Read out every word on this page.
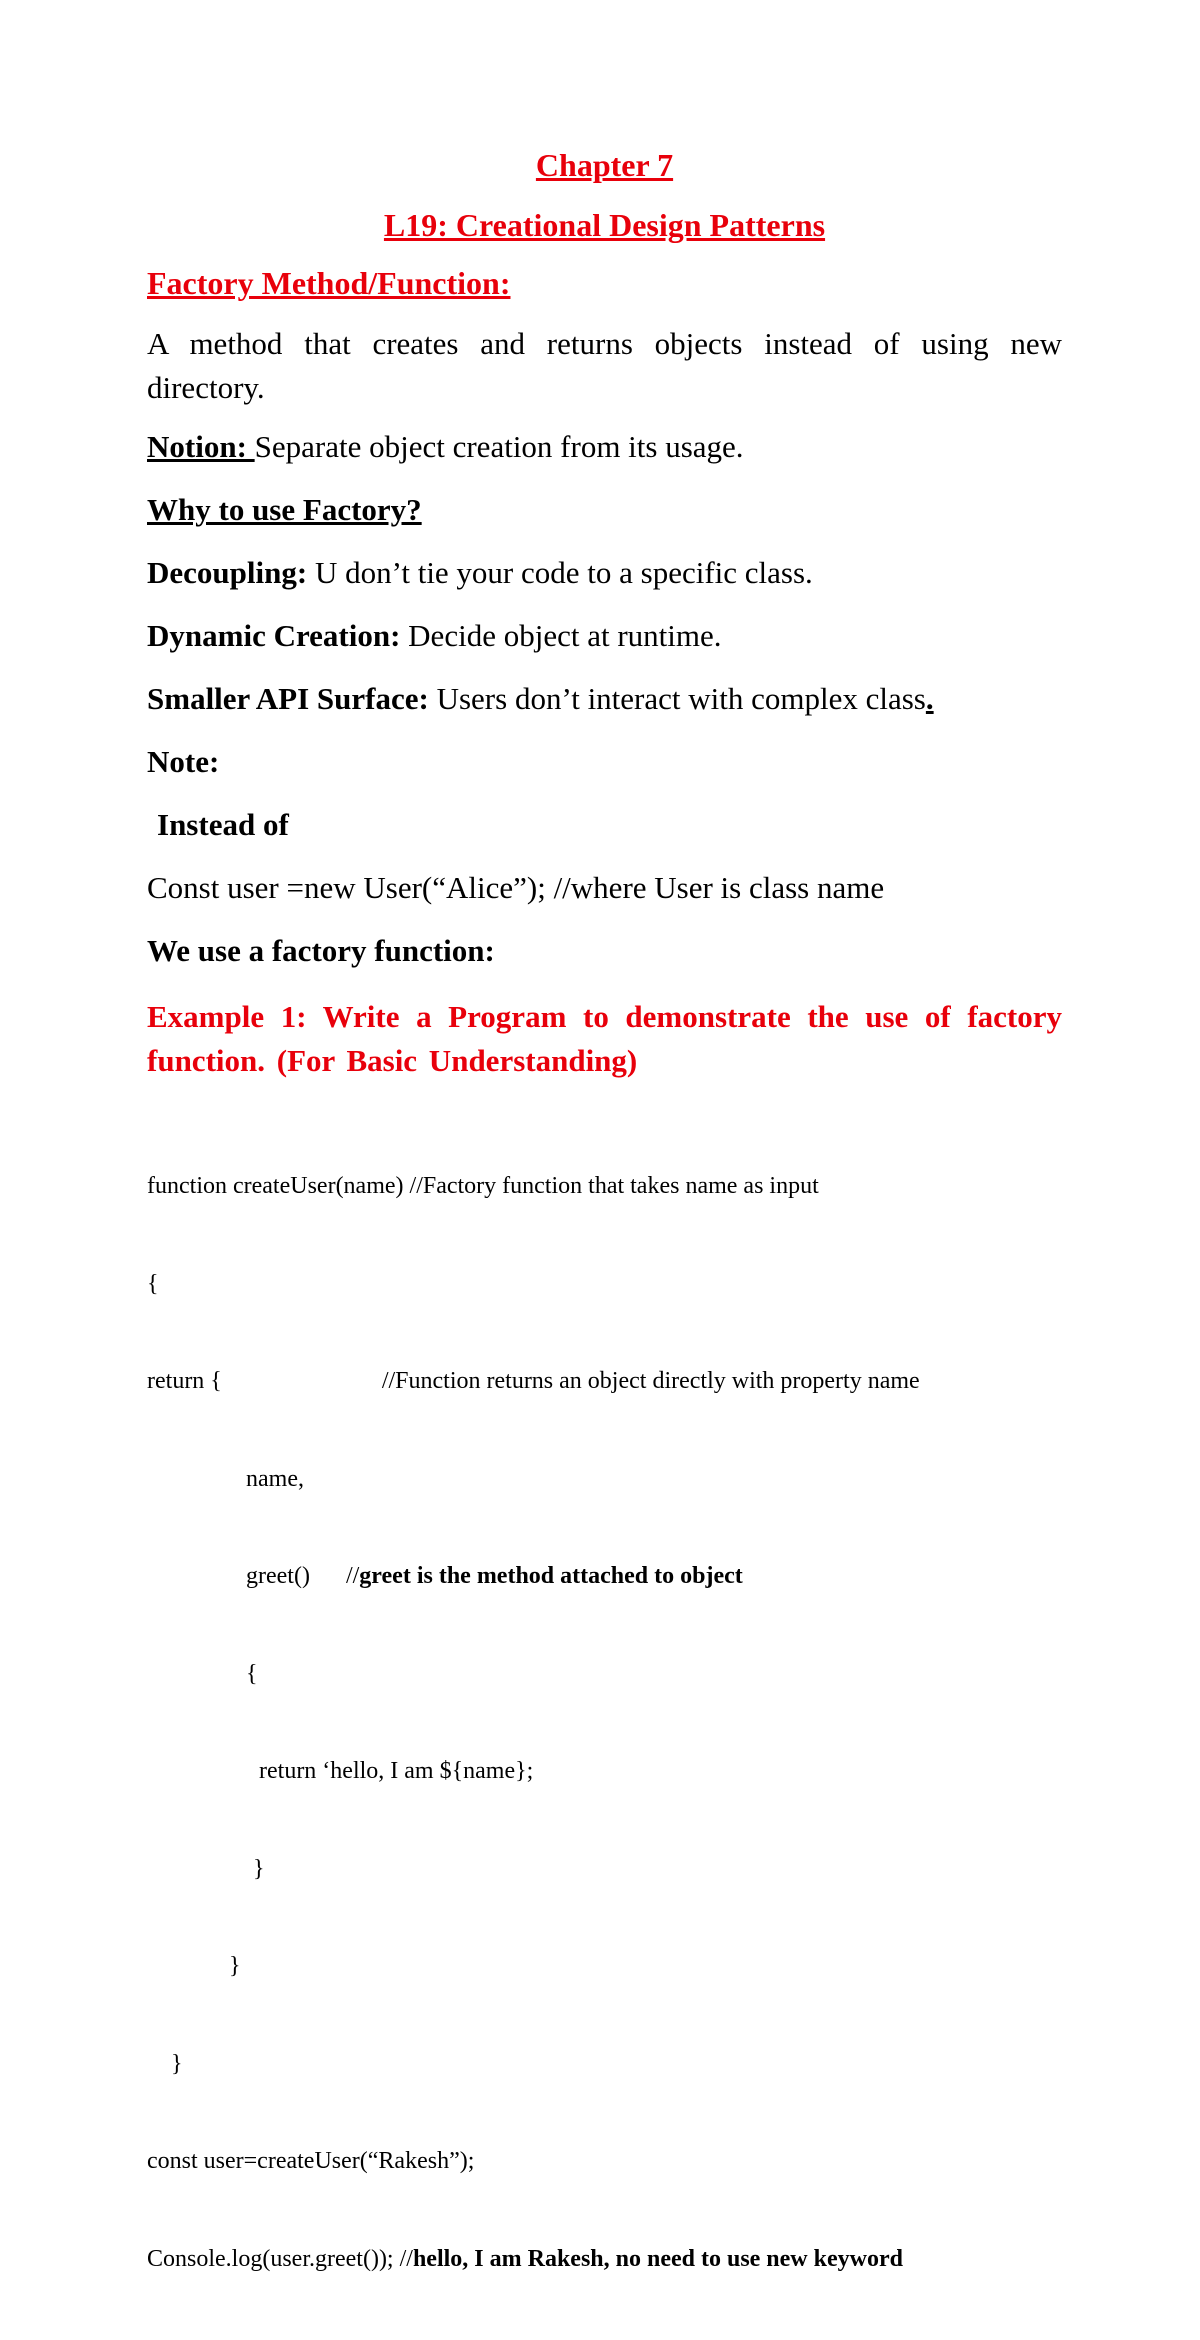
Chapter 7
L19: Creational Design Patterns
Factory Method/Function:
A method that creates and returns objects instead of using new directory.
Notion: Separate object creation from its usage.
Why to use Factory?
Decoupling: U don’t tie your code to a specific class.
Dynamic Creation: Decide object at runtime.
Smaller API Surface: Users don’t interact with complex class.
Note:
Instead of
Const user =new User(“Alice”); //where User is class name
We use a factory function:
Example 1: Write a Program to demonstrate the use of factory function. (For Basic Understanding)

function createUser(name) //Factory function that takes name as input

{

return {	//Function returns an object directly with property name

name,

greet() //greet is the method attached to object

{

return ‘hello, I am ${name};

}

}

}

const user=createUser(“Rakesh”);

Console.log(user.greet()); //hello, I am Rakesh, no need to use new keyword
